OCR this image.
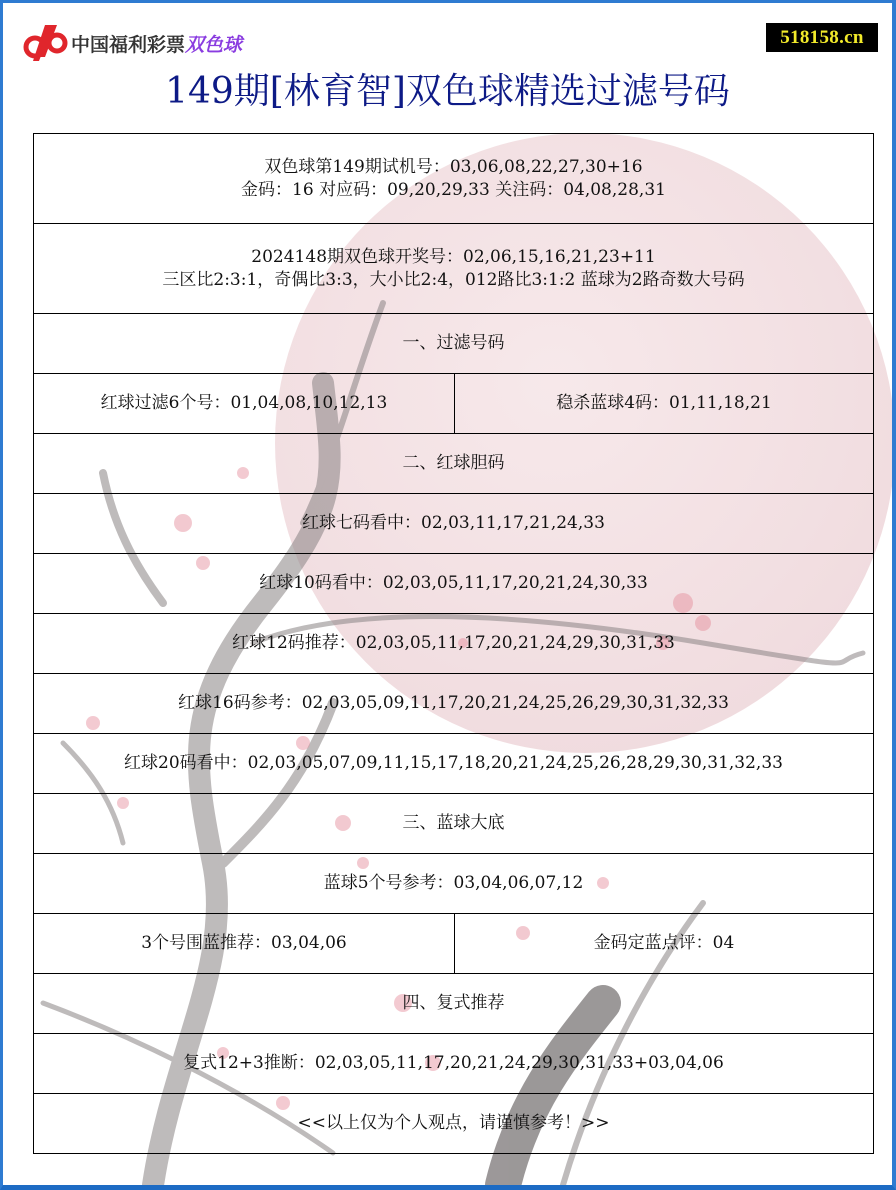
中国福利彩票 双色球	518158.cn
149期[林育智]双色球精选过滤号码
双色球第149期试机号：03,06,08,22,27,30+16
金码：16 对应码：09,20,29,33 关注码：04,08,28,31
2024148期双色球开奖号：02,06,15,16,21,23+11
三区比2:3:1，奇偶比3:3，大小比2:4，012路比3:1:2 蓝球为2路奇数大号码
一、过滤号码
红球过滤6个号：01,04,08,10,12,13	稳杀蓝球4码：01,11,18,21
二、红球胆码
红球七码看中：02,03,11,17,21,24,33
红球10码看中：02,03,05,11,17,20,21,24,30,33
红球12码推荐：02,03,05,11,17,20,21,24,29,30,31,33
红球16码参考：02,03,05,09,11,17,20,21,24,25,26,29,30,31,32,33
红球20码看中：02,03,05,07,09,11,15,17,18,20,21,24,25,26,28,29,30,31,32,33
三、蓝球大底
蓝球5个号参考：03,04,06,07,12
3个号围蓝推荐：03,04,06	金码定蓝点评：04
四、复式推荐
复式12+3推断：02,03,05,11,17,20,21,24,29,30,31,33+03,04,06
<<以上仅为个人观点，请谨慎参考！>>
